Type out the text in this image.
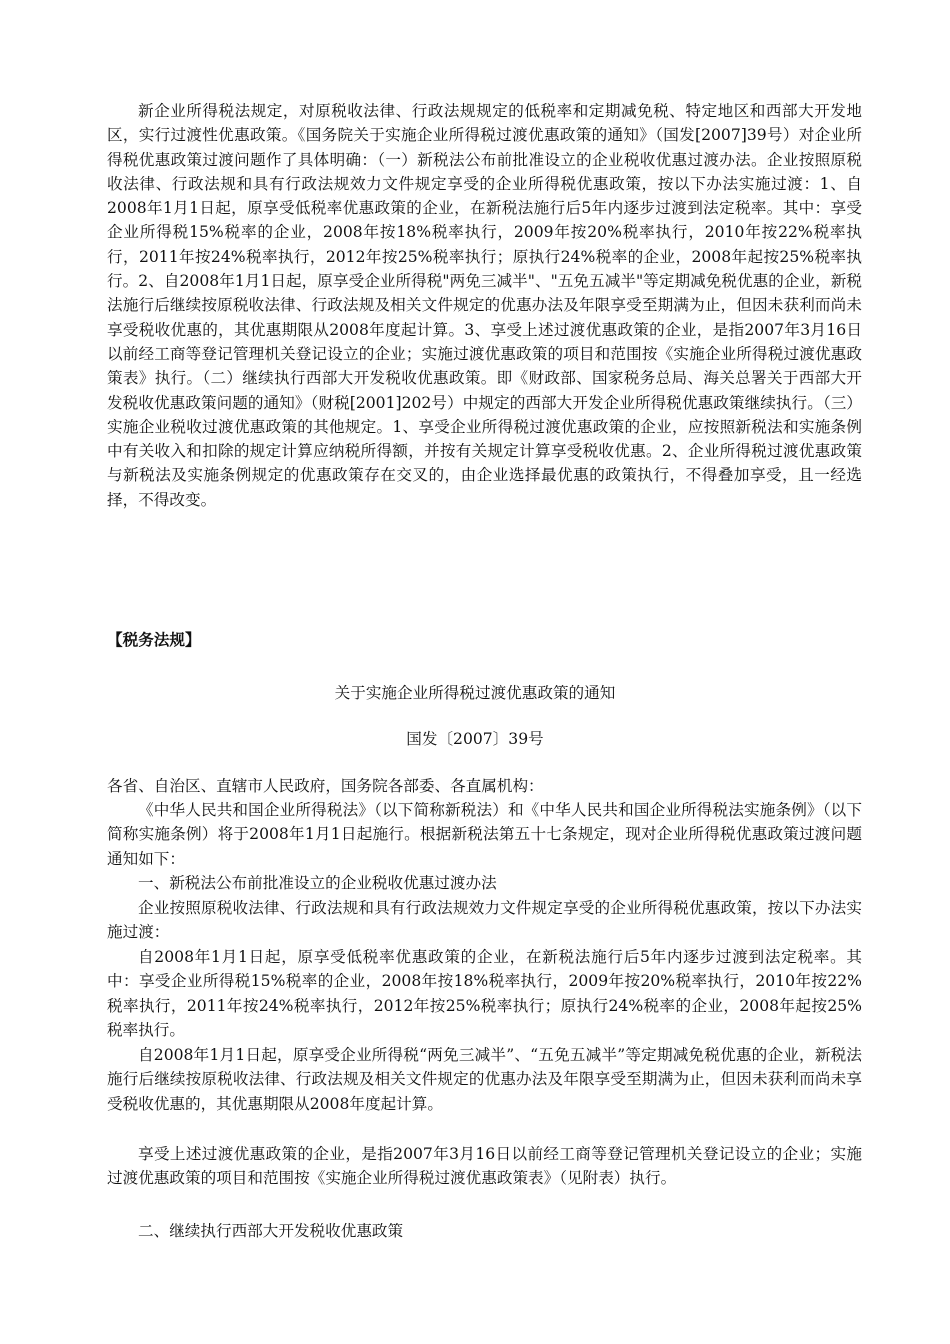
新企业所得税法规定，对原税收法律、行政法规规定的低税率和定期减免税、特定地区和西部大开发地区，实行过渡性优惠政策。《国务院关于实施企业所得税过渡优惠政策的通知》（国发[2007]39号）对企业所得税优惠政策过渡问题作了具体明确：（一）新税法公布前批准设立的企业税收优惠过渡办法。企业按照原税收法律、行政法规和具有行政法规效力文件规定享受的企业所得税优惠政策，按以下办法实施过渡：1、自2008年1月1日起，原享受低税率优惠政策的企业，在新税法施行后5年内逐步过渡到法定税率。其中：享受企业所得税15%税率的企业，2008年按18%税率执行，2009年按20%税率执行，2010年按22%税率执行，2011年按24%税率执行，2012年按25%税率执行；原执行24%税率的企业，2008年起按25%税率执行。2、自2008年1月1日起，原享受企业所得税"两免三减半"、"五免五减半"等定期减免税优惠的企业，新税法施行后继续按原税收法律、行政法规及相关文件规定的优惠办法及年限享受至期满为止，但因未获利而尚未享受税收优惠的，其优惠期限从2008年度起计算。3、享受上述过渡优惠政策的企业，是指2007年3月16日以前经工商等登记管理机关登记设立的企业；实施过渡优惠政策的项目和范围按《实施企业所得税过渡优惠政策表》执行。（二）继续执行西部大开发税收优惠政策。即《财政部、国家税务总局、海关总署关于西部大开发税收优惠政策问题的通知》（财税[2001]202号）中规定的西部大开发企业所得税优惠政策继续执行。（三）实施企业税收过渡优惠政策的其他规定。1、享受企业所得税过渡优惠政策的企业，应按照新税法和实施条例中有关收入和扣除的规定计算应纳税所得额，并按有关规定计算享受税收优惠。2、企业所得税过渡优惠政策与新税法及实施条例规定的优惠政策存在交叉的，由企业选择最优惠的政策执行，不得叠加享受，且一经选择，不得改变。

【税务法规】

关于实施企业所得税过渡优惠政策的通知

国发〔2007〕39号

各省、自治区、直辖市人民政府，国务院各部委、各直属机构：

《中华人民共和国企业所得税法》（以下简称新税法）和《中华人民共和国企业所得税法实施条例》（以下简称实施条例）将于2008年1月1日起施行。根据新税法第五十七条规定，现对企业所得税优惠政策过渡问题通知如下：

一、新税法公布前批准设立的企业税收优惠过渡办法

企业按照原税收法律、行政法规和具有行政法规效力文件规定享受的企业所得税优惠政策，按以下办法实施过渡：

自2008年1月1日起，原享受低税率优惠政策的企业，在新税法施行后5年内逐步过渡到法定税率。其中：享受企业所得税15%税率的企业，2008年按18%税率执行，2009年按20%税率执行，2010年按22%税率执行，2011年按24%税率执行，2012年按25%税率执行；原执行24%税率的企业，2008年起按25%税率执行。

自2008年1月1日起，原享受企业所得税“两免三减半”、“五免五减半”等定期减免税优惠的企业，新税法施行后继续按原税收法律、行政法规及相关文件规定的优惠办法及年限享受至期满为止，但因未获利而尚未享受税收优惠的，其优惠期限从2008年度起计算。

享受上述过渡优惠政策的企业，是指2007年3月16日以前经工商等登记管理机关登记设立的企业；实施过渡优惠政策的项目和范围按《实施企业所得税过渡优惠政策表》（见附表）执行。

二、继续执行西部大开发税收优惠政策
